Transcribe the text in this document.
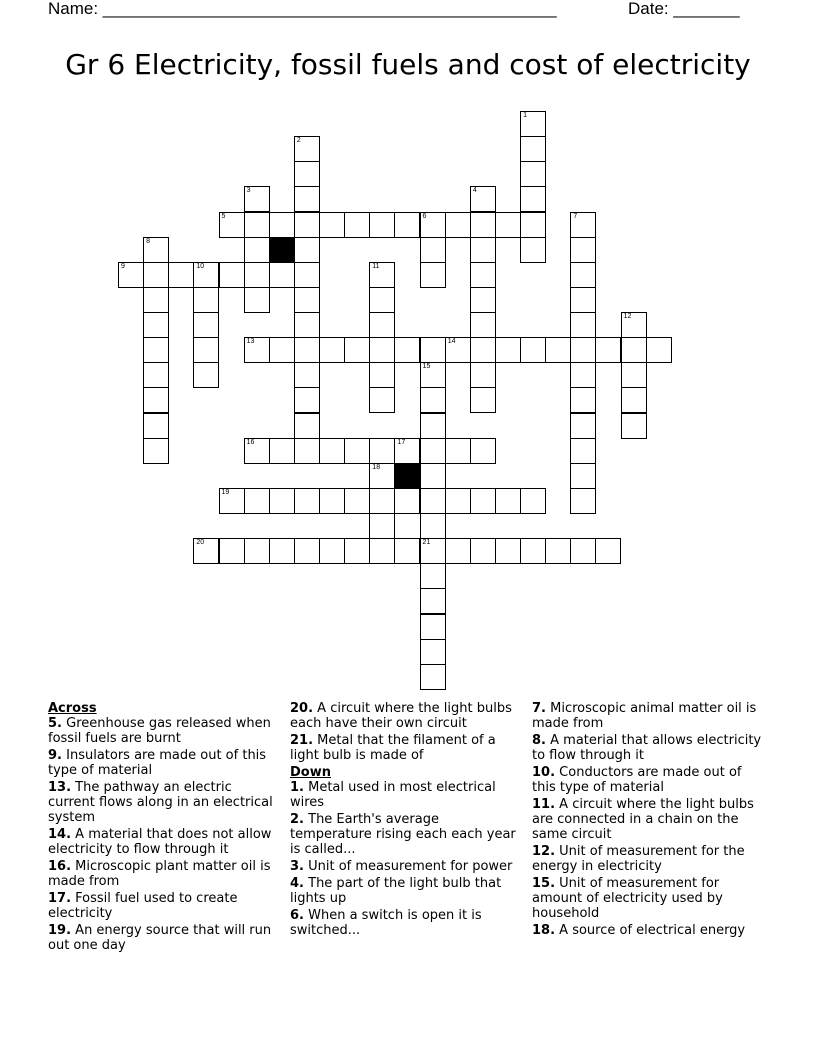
Name: ________________________________________________	Date: _______
Gr 6 Electricity, fossil fuels and cost of electricity
1
2
3	4
5	6	7
8
9	10	11
12
13	14
15
21
16	17
18
19
20

Across

5. Greenhouse gas released when fossil fuels are burnt
9. Insulators are made out of this type of material
13. The pathway an electric current flows along in an electrical system
14. A material that does not allow electricity to flow through it
16. Microscopic plant matter oil is made from
17. Fossil fuel used to create electricity
19. An energy source that will run out one day
20. A circuit where the light bulbs each have their own circuit
21. Metal that the filament of a light bulb is made of

Down

1. Metal used in most electrical wires
2. The Earth's average temperature rising each each year is called...
3. Unit of measurement for power
4. The part of the light bulb that lights up
6. When a switch is open it is switched...
7. Microscopic animal matter oil is made from
8. A material that allows electricity to flow through it
10. Conductors are made out of this type of material
11. A circuit where the light bulbs are connected in a chain on the same circuit
12. Unit of measurement for the energy in electricity
15. Unit of measurement for amount of electricity used by household
18. A source of electrical energy
